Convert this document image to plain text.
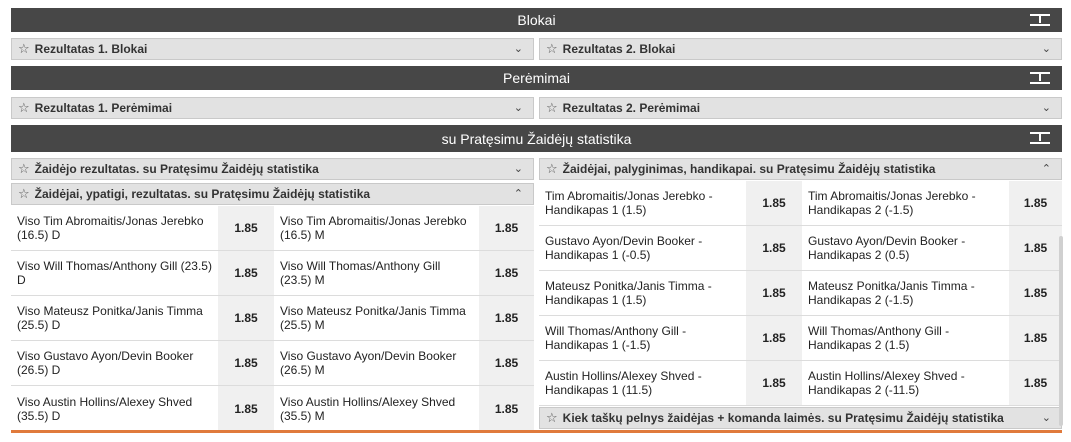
Blokai
☆ Rezultatas 1. Blokai	⌄ ☆ Rezultatas 2. Blokai	⌄
Perėmimai
☆ Rezultatas 1. Perėmimai	⌄ ☆ Rezultatas 2. Perėmimai	⌄
su Pratęsimu Žaidėjų statistika
☆ Žaidėjo rezultatas. su Pratęsimu Žaidėjų statistika	⌄ ☆ Žaidėjai, palyginimas, handikapai. su Pratęsimu Žaidėjų statistika	⌃
☆ Žaidėjai, ypatigi, rezultatas. su Pratęsimu Žaidėjų statistika	⌃
Viso Tim Abromaitis/Jonas Jerebko (16.5) D	1.85	Viso Tim Abromaitis/Jonas Jerebko (16.5) M	1.85
Viso Will Thomas/Anthony Gill (23.5) D	1.85	Viso Will Thomas/Anthony Gill (23.5) M	1.85
Viso Mateusz Ponitka/Janis Timma (25.5) D	1.85	Viso Mateusz Ponitka/Janis Timma (25.5) M	1.85
Viso Gustavo Ayon/Devin Booker (26.5) D	1.85	Viso Gustavo Ayon/Devin Booker (26.5) M	1.85
Viso Austin Hollins/Alexey Shved (35.5) D	1.85	Viso Austin Hollins/Alexey Shved (35.5) M	1.85
Tim Abromaitis/Jonas Jerebko - Handikapas 1 (1.5)	1.85	Tim Abromaitis/Jonas Jerebko - Handikapas 2 (-1.5)	1.85
Gustavo Ayon/Devin Booker - Handikapas 1 (-0.5)	1.85	Gustavo Ayon/Devin Booker - Handikapas 2 (0.5)	1.85
Mateusz Ponitka/Janis Timma - Handikapas 1 (1.5)	1.85	Mateusz Ponitka/Janis Timma - Handikapas 2 (-1.5)	1.85
Will Thomas/Anthony Gill - Handikapas 1 (-1.5)	1.85	Will Thomas/Anthony Gill - Handikapas 2 (1.5)	1.85
Austin Hollins/Alexey Shved - Handikapas 1 (11.5)	1.85	Austin Hollins/Alexey Shved - Handikapas 2 (-11.5)	1.85
☆ Kiek taškų pelnys žaidėjas + komanda laimės. su Pratęsimu Žaidėjų statistika	⌄
